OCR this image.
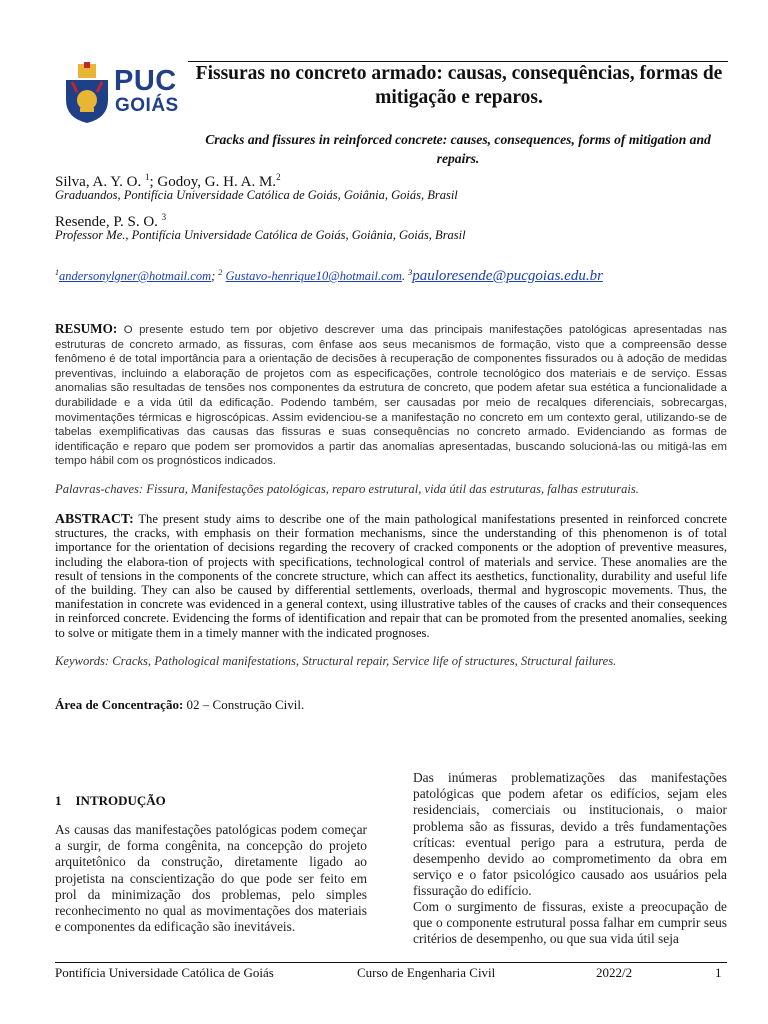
PUC
GOIÁS
Fissuras no concreto armado: causas, consequências, formas de mitigação e reparos.
Cracks and fissures in reinforced concrete: causes, consequences, forms of mitigation and repairs.
Silva, A. Y. O. $^1$; Godoy, G. H. A. M.$^2$
Graduandos, Pontifícia Universidade Católica de Goiás, Goiânia, Goiás, Brasil
Resende, P. S. O. $^3$
Professor Me., Pontifícia Universidade Católica de Goiás, Goiânia, Goiás, Brasil
$^1$andersonylgner@hotmail.com; $^2$ Gustavo-henrique10@hotmail.com. $^3$pauloresende@pucgoias.edu.br
RESUMO: O presente estudo tem por objetivo descrever uma das principais manifestações patológicas apresentadas nas estruturas de concreto armado, as fissuras, com ênfase aos seus mecanismos de formação, visto que a compreensão desse fenômeno é de total importância para a orientação de decisões à recuperação de componentes fissurados ou à adoção de medidas preventivas, incluindo a elaboração de projetos com as especificações, controle tecnológico dos materiais e de serviço. Essas anomalias são resultadas de tensões nos componentes da estrutura de concreto, que podem afetar sua estética a funcionalidade a durabilidade e a vida útil da edificação. Podendo também, ser causadas por meio de recalques diferenciais, sobrecargas, movimentações térmicas e higroscópicas. Assim evidenciou-se a manifestação no concreto em um contexto geral, utilizando-se de tabelas exemplificativas das causas das fissuras e suas consequências no concreto armado. Evidenciando as formas de identificação e reparo que podem ser promovidos a partir das anomalias apresentadas, buscando solucioná-las ou mitigá-las em tempo hábil com os prognósticos indicados.
Palavras-chaves: Fissura, Manifestações patológicas, reparo estrutural, vida útil das estruturas, falhas estruturais.
ABSTRACT: The present study aims to describe one of the main pathological manifestations presented in reinforced concrete structures, the cracks, with emphasis on their formation mechanisms, since the understanding of this phenomenon is of total importance for the orientation of decisions regarding the recovery of cracked components or the adoption of preventive measures, including the elabora-tion of projects with specifications, technological control of materials and service. These anomalies are the result of tensions in the components of the concrete structure, which can affect its aesthetics, functionality, durability and useful life of the building. They can also be caused by differential settlements, overloads, thermal and hygroscopic movements. Thus, the manifestation in concrete was evidenced in a general context, using illustrative tables of the causes of cracks and their consequences in reinforced concrete. Evidencing the forms of identification and repair that can be promoted from the presented anomalies, seeking to solve or mitigate them in a timely manner with the indicated prognoses.
Keywords: Cracks, Pathological manifestations, Structural repair, Service life of structures, Structural failures.
Área de Concentração: 02 – Construção Civil.
1 INTRODUÇÃO
As causas das manifestações patológicas podem começar a surgir, de forma congênita, na concepção do projeto arquitetônico da construção, diretamente ligado ao projetista na conscientização do que pode ser feito em prol da minimização dos problemas, pelo simples reconhecimento no qual as movimentações dos materiais e componentes da edificação são inevitáveis.
Das inúmeras problematizações das manifestações patológicas que podem afetar os edifícios, sejam eles residenciais, comerciais ou institucionais, o maior problema são as fissuras, devido a três fundamentações críticas: eventual perigo para a estrutura, perda de desempenho devido ao comprometimento da obra em serviço e o fator psicológico causado aos usuários pela fissuração do edifício.
Com o surgimento de fissuras, existe a preocupação de que o componente estrutural possa falhar em cumprir seus critérios de desempenho, ou que sua vida útil seja
Pontifícia Universidade Católica de Goiás	Curso de Engenharia Civil	2022/2	1
